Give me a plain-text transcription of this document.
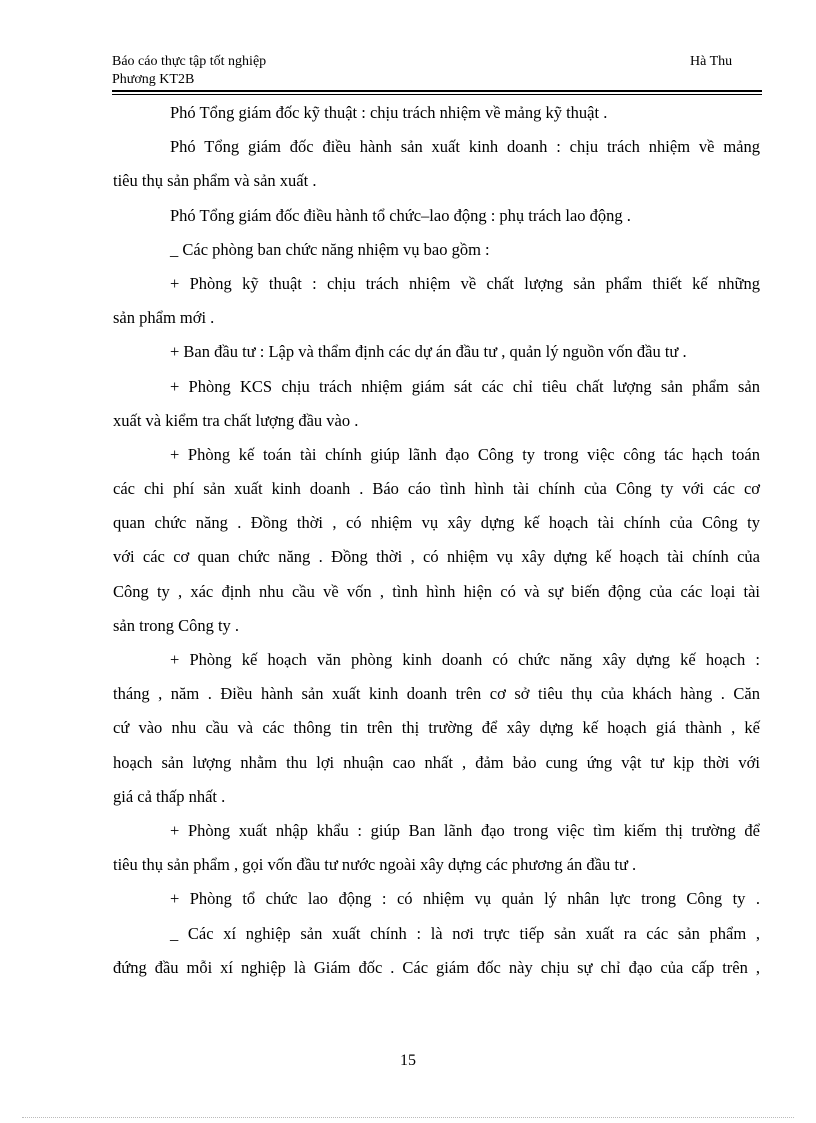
Báo cáo thực tập tốt nghiệp
Phương KT2B
Hà Thu
Phó Tổng giám đốc kỹ thuật : chịu trách nhiệm về mảng kỹ thuật .
Phó Tổng giám đốc điều hành sản xuất kinh doanh : chịu trách nhiệm về mảng
tiêu thụ sản phẩm và sản xuất .
Phó Tổng giám đốc điều hành tổ chức–lao động : phụ trách lao động .
_ Các phòng ban chức năng nhiệm vụ bao gồm :
+ Phòng kỹ thuật : chịu trách nhiệm về chất lượng sản phẩm thiết kế những
sản phẩm mới .
+ Ban đầu tư : Lập và thẩm định các dự án đầu tư , quản lý nguồn vốn đầu tư .
+ Phòng KCS chịu trách nhiệm giám sát các chỉ tiêu chất lượng sản phẩm sản
xuất và kiểm tra chất lượng đầu vào .
+ Phòng kế toán tài chính giúp lãnh đạo Công ty trong việc công tác hạch toán
các chi phí sản xuất kinh doanh . Báo cáo tình hình tài chính của Công ty với các cơ
quan chức năng . Đồng thời , có nhiệm vụ xây dựng kế hoạch tài chính của Công ty
với các cơ quan chức năng . Đồng thời , có nhiệm vụ xây dựng kế hoạch tài chính của
Công ty , xác định nhu cầu về vốn , tình hình hiện có và sự biến động của các loại tài
sản trong Công ty .
+ Phòng kế hoạch văn phòng kinh doanh có chức năng xây dựng kế hoạch :
tháng , năm . Điều hành sản xuất kinh doanh trên cơ sở tiêu thụ của khách hàng . Căn
cứ vào nhu cầu và các thông tin trên thị trường để xây dựng kế hoạch giá thành , kế
hoạch sản lượng nhằm thu lợi nhuận cao nhất , đảm bảo cung ứng vật tư kịp thời với
giá cả thấp nhất .
+ Phòng xuất nhập khẩu : giúp Ban lãnh đạo trong việc tìm kiếm thị trường để
tiêu thụ sản phẩm , gọi vốn đầu tư nước ngoài xây dựng các phương án đầu tư .
+ Phòng tổ chức lao động : có nhiệm vụ quản lý nhân lực trong Công ty .
_ Các xí nghiệp sản xuất chính : là nơi trực tiếp sản xuất ra các sản phẩm ,
đứng đầu mỗi xí nghiệp là Giám đốc . Các giám đốc này chịu sự chỉ đạo của cấp trên ,
15
